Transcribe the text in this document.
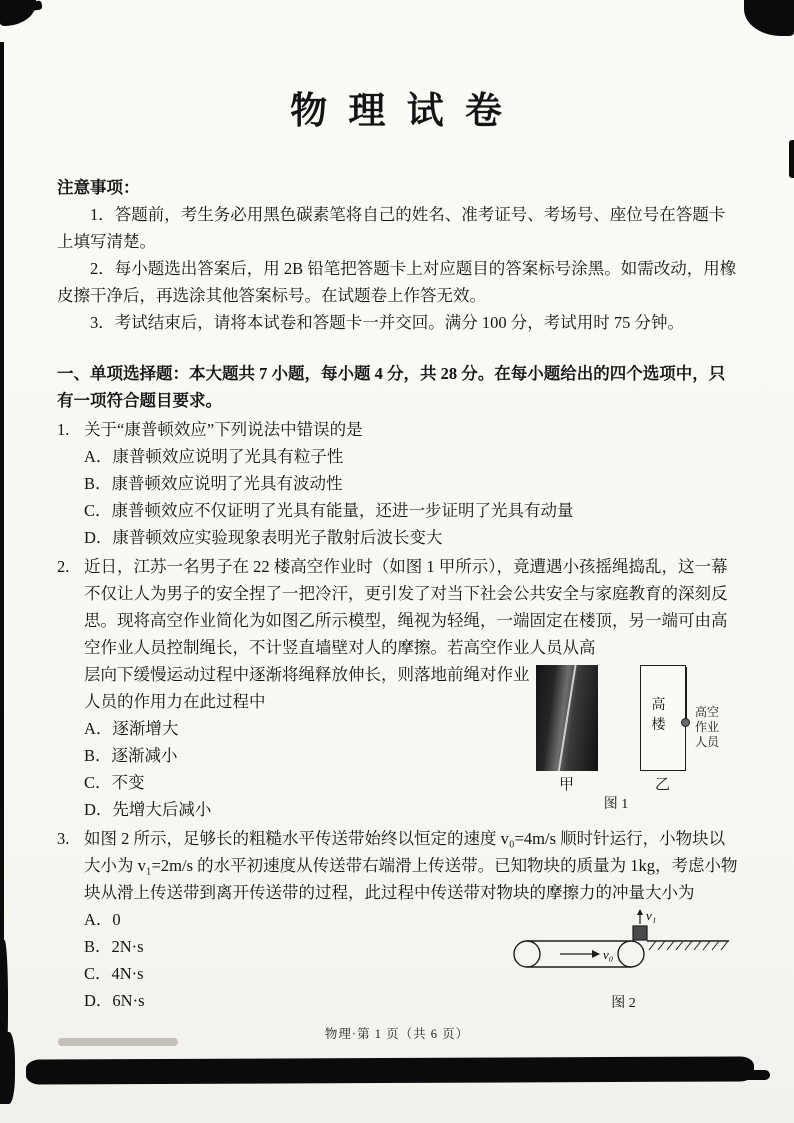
物 理 试 卷

注意事项：

1．答题前，考生务必用黑色碳素笔将自己的姓名、准考证号、考场号、座位号在答题卡上填写清楚。

2．每小题选出答案后，用 2B 铅笔把答题卡上对应题目的答案标号涂黑。如需改动，用橡皮擦干净后，再选涂其他答案标号。在试题卷上作答无效。

3．考试结束后，请将本试卷和答题卡一并交回。满分 100 分，考试用时 75 分钟。

一、单项选择题：本大题共 7 小题，每小题 4 分，共 28 分。在每小题给出的四个选项中，只有一项符合题目要求。

1. 关于“康普顿效应”下列说法中错误的是

A．康普顿效应说明了光具有粒子性

B．康普顿效应说明了光具有波动性

C．康普顿效应不仅证明了光具有能量，还进一步证明了光具有动量

D．康普顿效应实验现象表明光子散射后波长变大

2. 近日，江苏一名男子在 22 楼高空作业时（如图 1 甲所示），竟遭遇小孩摇绳捣乱，这一幕不仅让人为男子的安全捏了一把冷汗，更引发了对当下社会公共安全与家庭教育的深刻反思。现将高空作业简化为如图乙所示模型，绳视为轻绳，一端固定在楼顶，另一端可由高空作业人员控制绳长，不计竖直墙壁对人的摩擦。若高空作业人员从高

层向下缓慢运动过程中逐渐将绳释放伸长，则落地前绳对作业人员的作用力在此过程中

A．逐渐增大

B．逐渐减小

C．不变

D．先增大后减小

高楼
高空作业人员
甲	乙
图 1
3. 如图 2 所示，足够长的粗糙水平传送带始终以恒定的速度 v₀=4m/s 顺时针运行，小物块以大小为 v₁=2m/s 的水平初速度从传送带右端滑上传送带。已知物块的质量为 1kg，考虑小物块从滑上传送带到离开传送带的过程，此过程中传送带对物块的摩擦力的冲量大小为

A．0

B．2N·s

C．4N·s

D．6N·s

v₀
v₁
图 2

物理·第 1 页（共 6 页）
